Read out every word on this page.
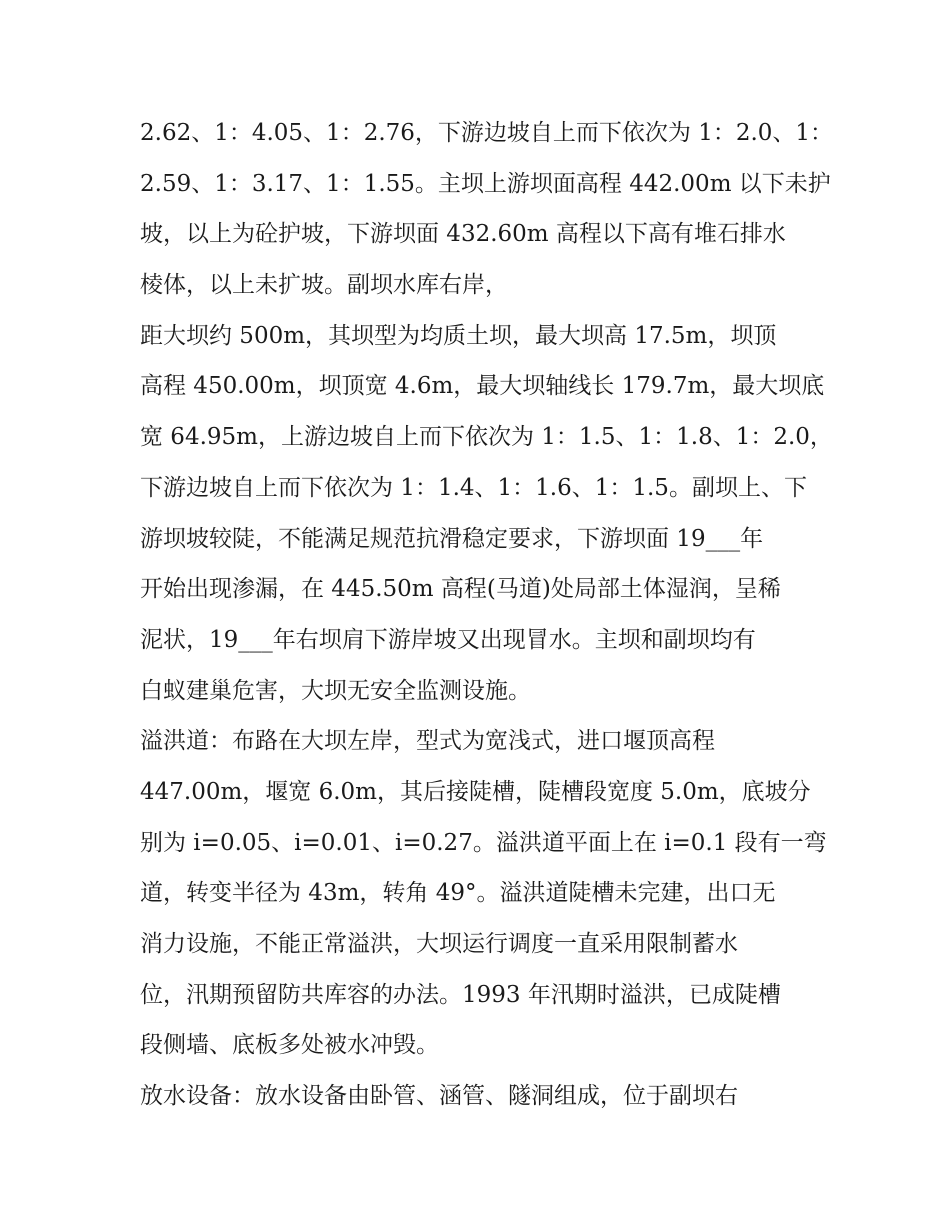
2.62、1：4.05、1：2.76，下游边坡自上而下依次为 1：2.0、1：
2.59、1：3.17、1：1.55。主坝上游坝面高程 442.00m 以下未护
坡，以上为砼护坡，下游坝面 432.60m 高程以下高有堆石排水
棱体，以上未扩坡。副坝水库右岸，
距大坝约 500m，其坝型为均质土坝，最大坝高 17.5m，坝顶
高程 450.00m，坝顶宽 4.6m，最大坝轴线长 179.7m，最大坝底
宽 64.95m，上游边坡自上而下依次为 1：1.5、1：1.8、1：2.0，
下游边坡自上而下依次为 1：1.4、1：1.6、1：1.5。副坝上、下
游坝坡较陡，不能满足规范抗滑稳定要求，下游坝面 19___年
开始出现渗漏，在 445.50m 高程(马道)处局部土体湿润，呈稀
泥状，19___年右坝肩下游岸坡又出现冒水。主坝和副坝均有
白蚁建巢危害，大坝无安全监测设施。
溢洪道：布路在大坝左岸，型式为宽浅式，进口堰顶高程
447.00m，堰宽 6.0m，其后接陡槽，陡槽段宽度 5.0m，底坡分
别为 i=0.05、i=0.01、i=0.27。溢洪道平面上在 i=0.1 段有一弯
道，转变半径为 43m，转角 49°。溢洪道陡槽未完建，出口无
消力设施，不能正常溢洪，大坝运行调度一直采用限制蓄水
位，汛期预留防共库容的办法。1993 年汛期时溢洪，已成陡槽
段侧墙、底板多处被水冲毁。
放水设备：放水设备由卧管、涵管、隧洞组成，位于副坝右
